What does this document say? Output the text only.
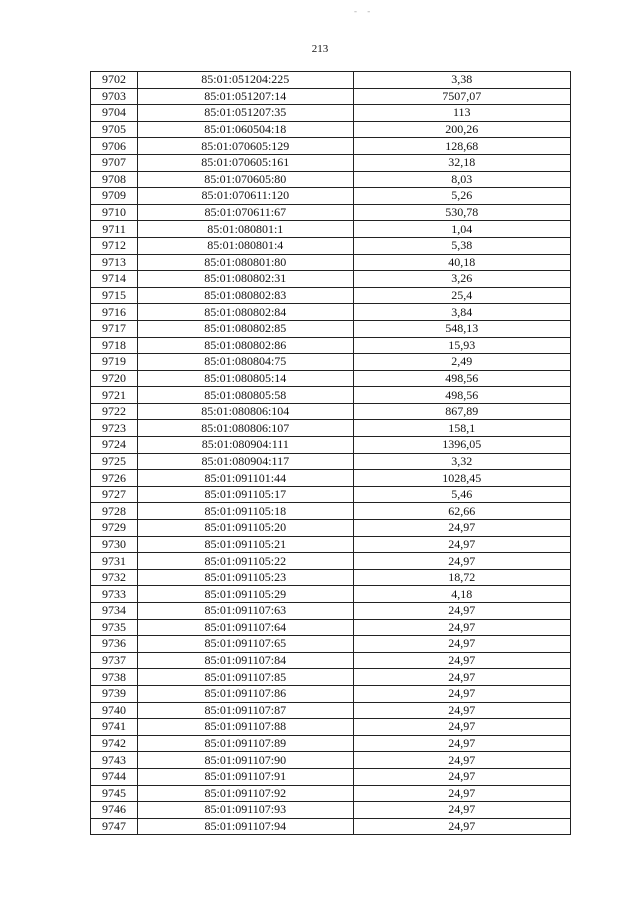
- -
213
9702	85:01:051204:225	3,38
9703	85:01:051207:14	7507,07
9704	85:01:051207:35	113
9705	85:01:060504:18	200,26
9706	85:01:070605:129	128,68
9707	85:01:070605:161	32,18
9708	85:01:070605:80	8,03
9709	85:01:070611:120	5,26
9710	85:01:070611:67	530,78
9711	85:01:080801:1	1,04
9712	85:01:080801:4	5,38
9713	85:01:080801:80	40,18
9714	85:01:080802:31	3,26
9715	85:01:080802:83	25,4
9716	85:01:080802:84	3,84
9717	85:01:080802:85	548,13
9718	85:01:080802:86	15,93
9719	85:01:080804:75	2,49
9720	85:01:080805:14	498,56
9721	85:01:080805:58	498,56
9722	85:01:080806:104	867,89
9723	85:01:080806:107	158,1
9724	85:01:080904:111	1396,05
9725	85:01:080904:117	3,32
9726	85:01:091101:44	1028,45
9727	85:01:091105:17	5,46
9728	85:01:091105:18	62,66
9729	85:01:091105:20	24,97
9730	85:01:091105:21	24,97
9731	85:01:091105:22	24,97
9732	85:01:091105:23	18,72
9733	85:01:091105:29	4,18
9734	85:01:091107:63	24,97
9735	85:01:091107:64	24,97
9736	85:01:091107:65	24,97
9737	85:01:091107:84	24,97
9738	85:01:091107:85	24,97
9739	85:01:091107:86	24,97
9740	85:01:091107:87	24,97
9741	85:01:091107:88	24,97
9742	85:01:091107:89	24,97
9743	85:01:091107:90	24,97
9744	85:01:091107:91	24,97
9745	85:01:091107:92	24,97
9746	85:01:091107:93	24,97
9747	85:01:091107:94	24,97
